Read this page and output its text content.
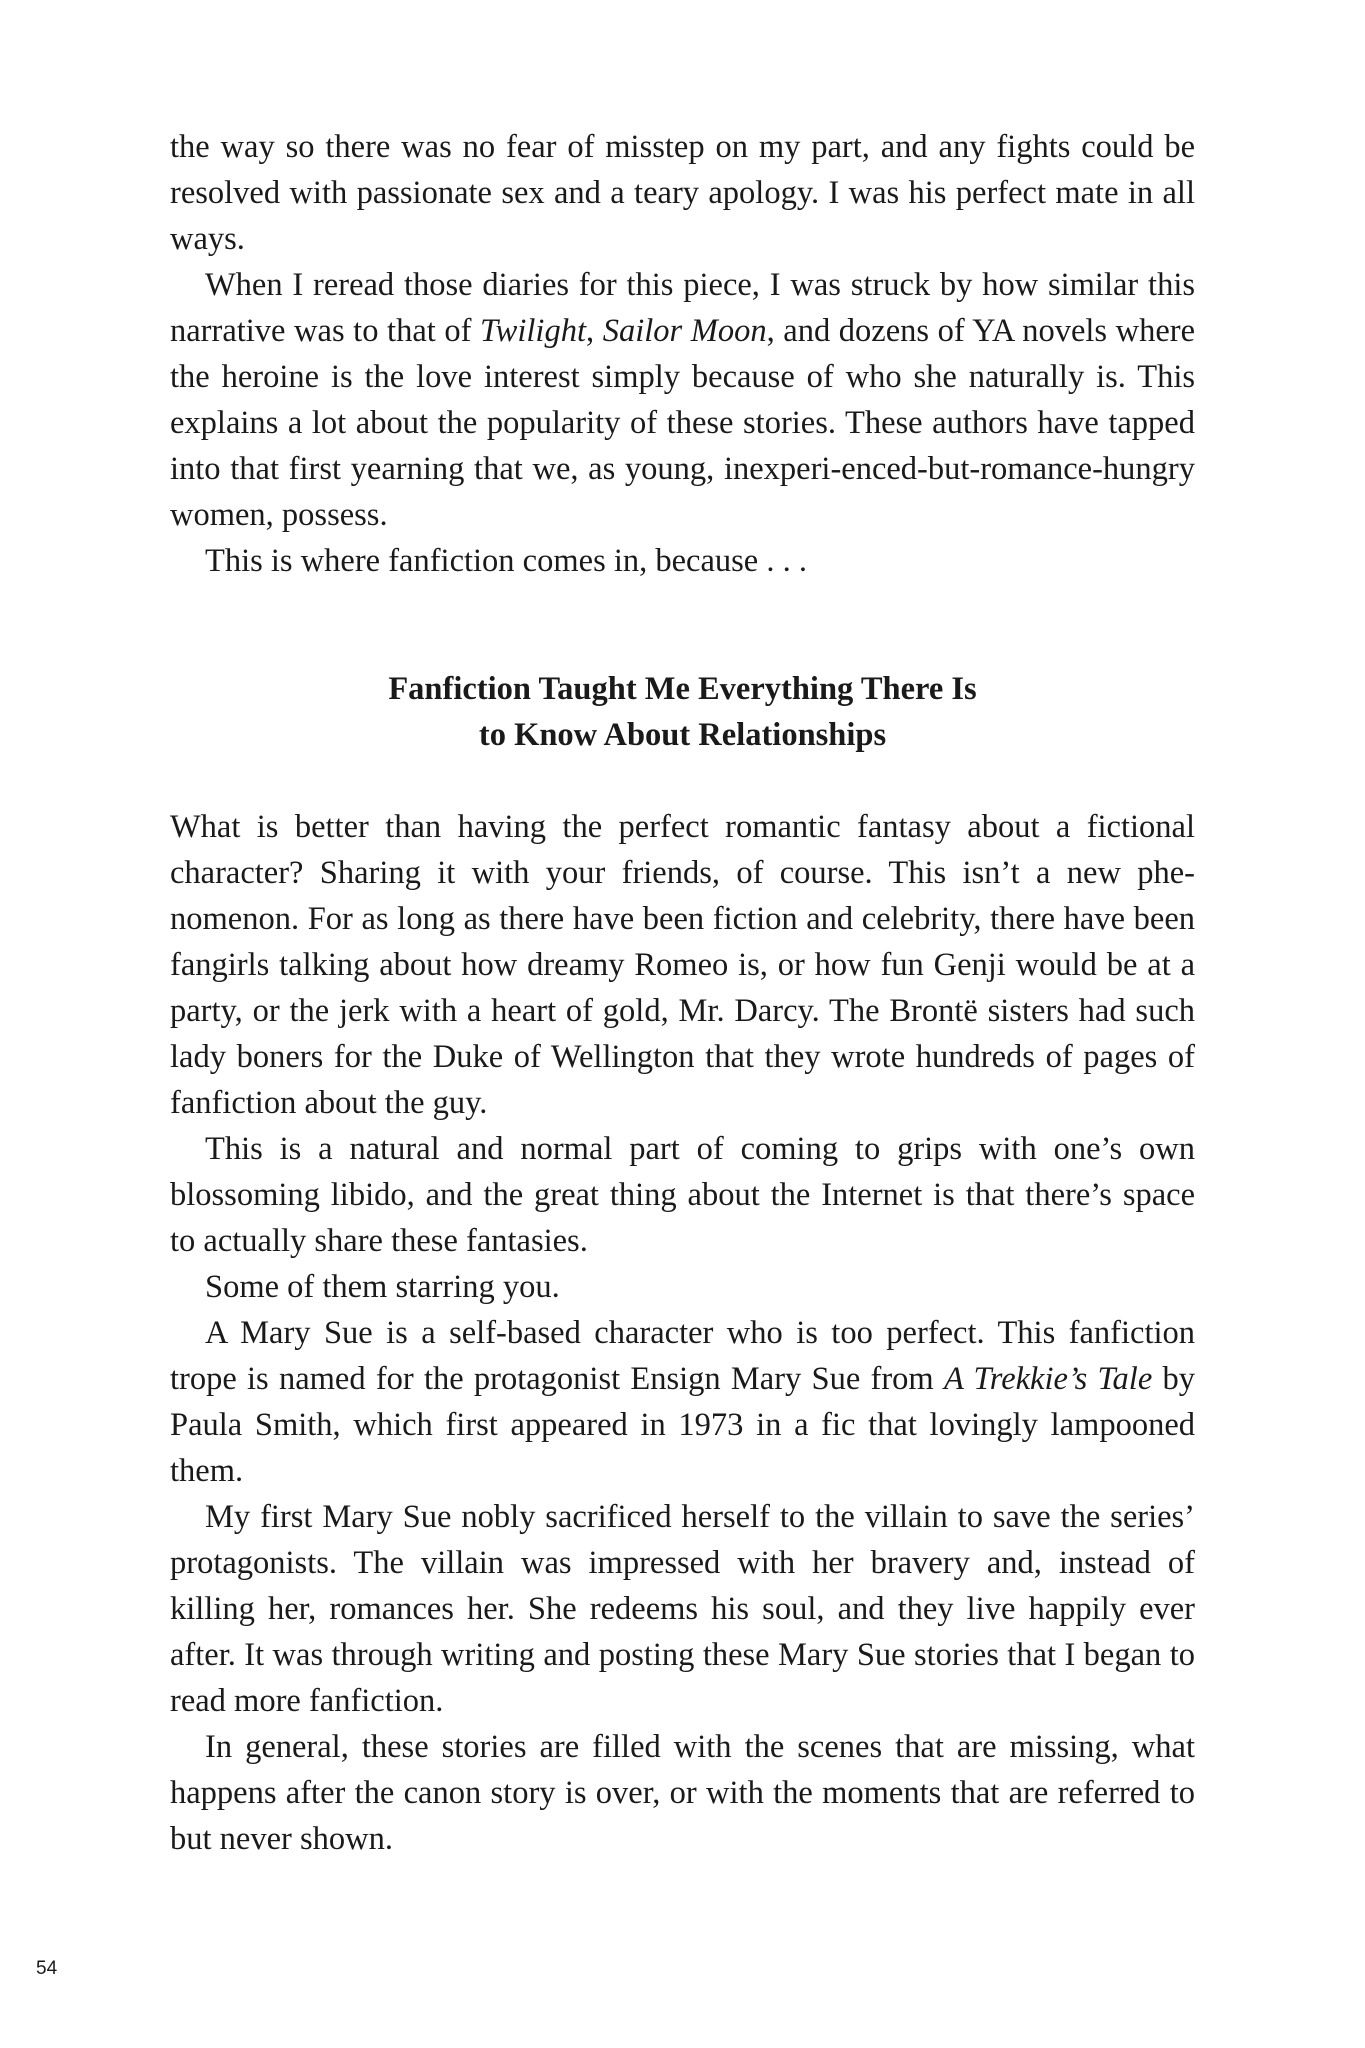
the way so there was no fear of misstep on my part, and any fights could be resolved with passionate sex and a teary apology. I was his perfect mate in all ways.

When I reread those diaries for this piece, I was struck by how similar this narrative was to that of Twilight, Sailor Moon, and dozens of YA novels where the heroine is the love interest simply because of who she naturally is. This explains a lot about the popularity of these stories. These authors have tapped into that first yearning that we, as young, inexperi-enced-but-romance-hungry women, possess.

This is where fanfiction comes in, because . . .

Fanfiction Taught Me Everything There Is
to Know About Relationships

What is better than having the perfect romantic fantasy about a fictional character? Sharing it with your friends, of course. This isn’t a new phe-nomenon. For as long as there have been fiction and celebrity, there have been fangirls talking about how dreamy Romeo is, or how fun Genji would be at a party, or the jerk with a heart of gold, Mr. Darcy. The Brontë sisters had such lady boners for the Duke of Wellington that they wrote hundreds of pages of fanfiction about the guy.

This is a natural and normal part of coming to grips with one’s own blossoming libido, and the great thing about the Internet is that there’s space to actually share these fantasies.

Some of them starring you.

A Mary Sue is a self-based character who is too perfect. This fanfiction trope is named for the protagonist Ensign Mary Sue from A Trekkie’s Tale by Paula Smith, which first appeared in 1973 in a fic that lovingly lampooned them.

My first Mary Sue nobly sacrificed herself to the villain to save the series’ protagonists. The villain was impressed with her bravery and, instead of killing her, romances her. She redeems his soul, and they live happily ever after. It was through writing and posting these Mary Sue stories that I began to read more fanfiction.

In general, these stories are filled with the scenes that are missing, what happens after the canon story is over, or with the moments that are referred to but never shown.

54
